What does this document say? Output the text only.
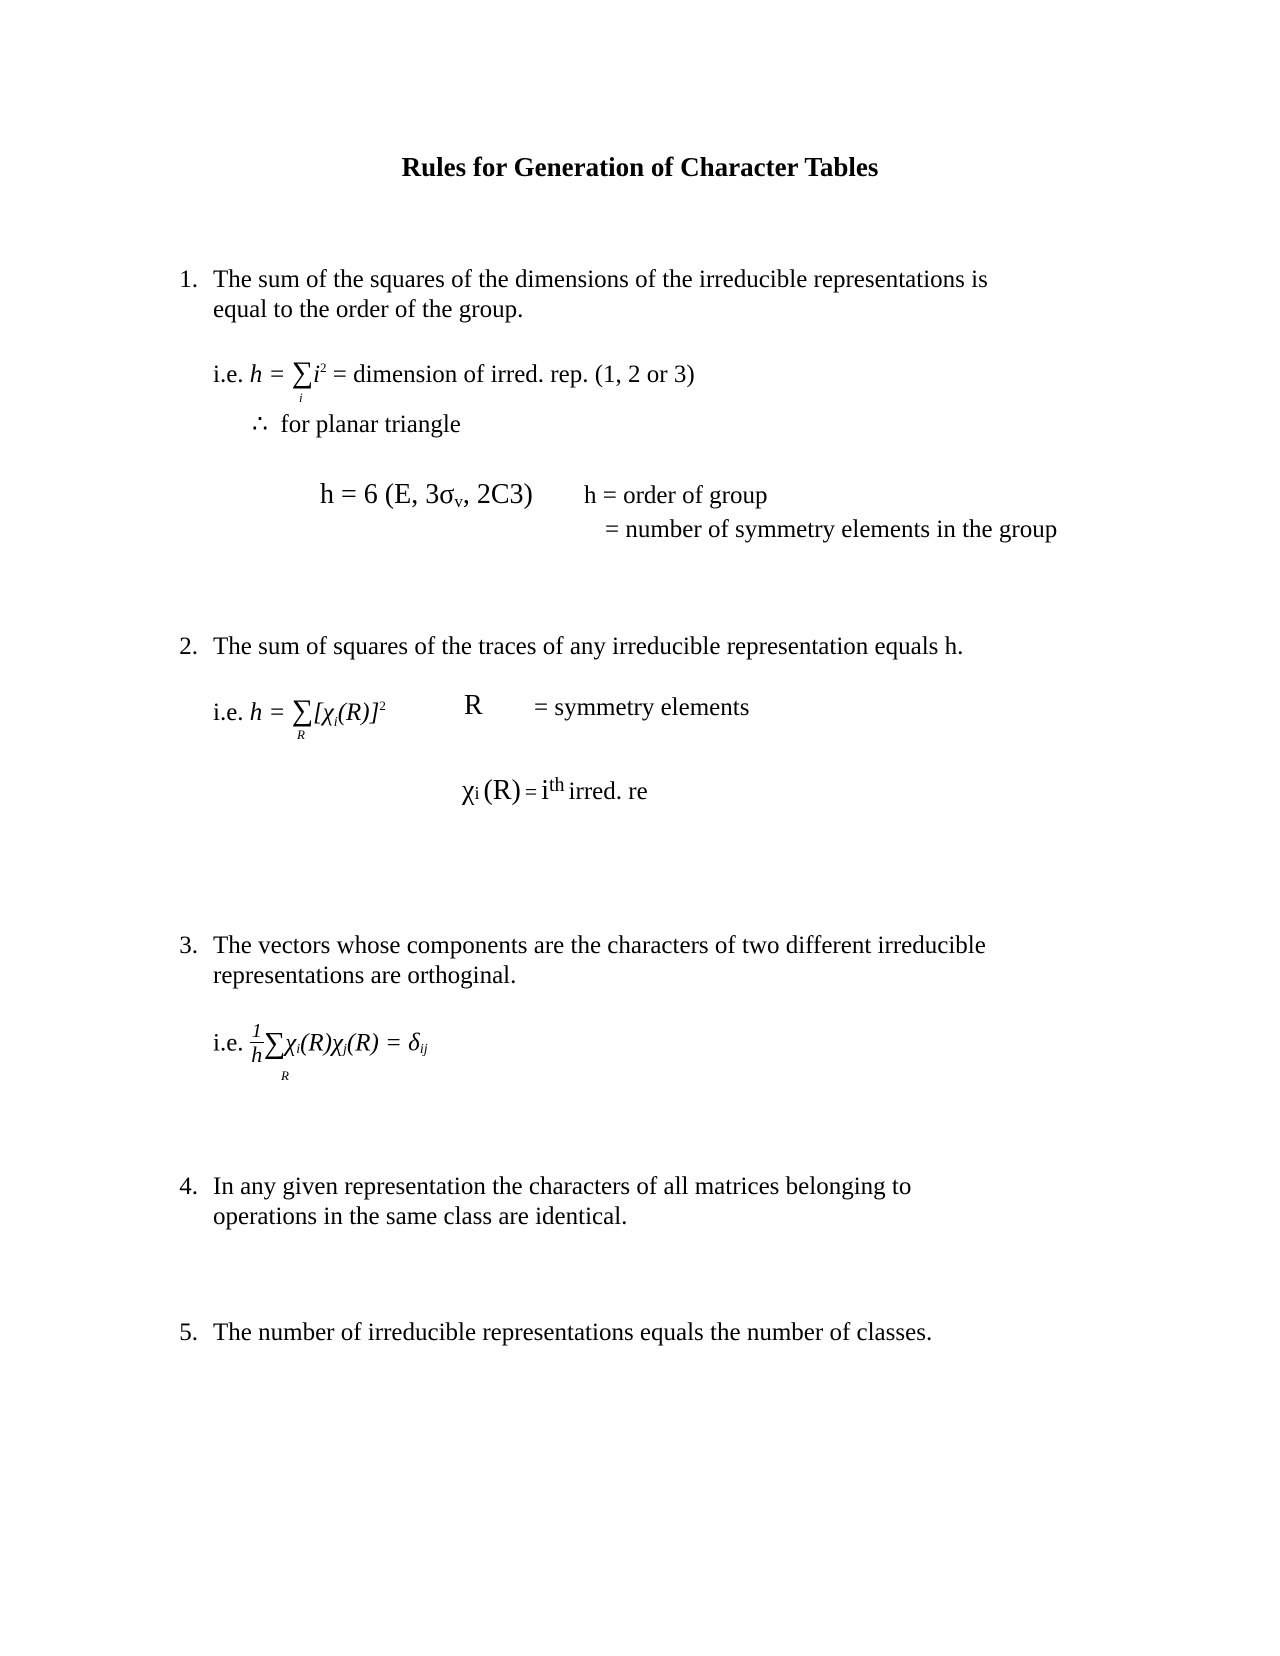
Rules for Generation of Character Tables
1. The sum of the squares of the dimensions of the irreducible representations is
equal to the order of the group.
i.e. $h = \sum i^2$ = dimension of irred. rep. (1, 2 or 3)
i
∴ for planar triangle
h = 6 (E, 3σv, 2C3) h = order of group
= number of symmetry elements in the group
2. The sum of squares of the traces of any irreducible representation equals h.
i.e. $h = \sum[\chi_i(R)]^2$
R
R = symmetry elements
χi (R) = ith irred. re
3. The vectors whose components are the characters of two different irreducible
representations are orthoginal.
i.e. $\frac{1}{h} \sum\chi_i(R)\chi_j(R) = \delta_{ij}$
R
4. In any given representation the characters of all matrices belonging to
operations in the same class are identical.
5. The number of irreducible representations equals the number of classes.
